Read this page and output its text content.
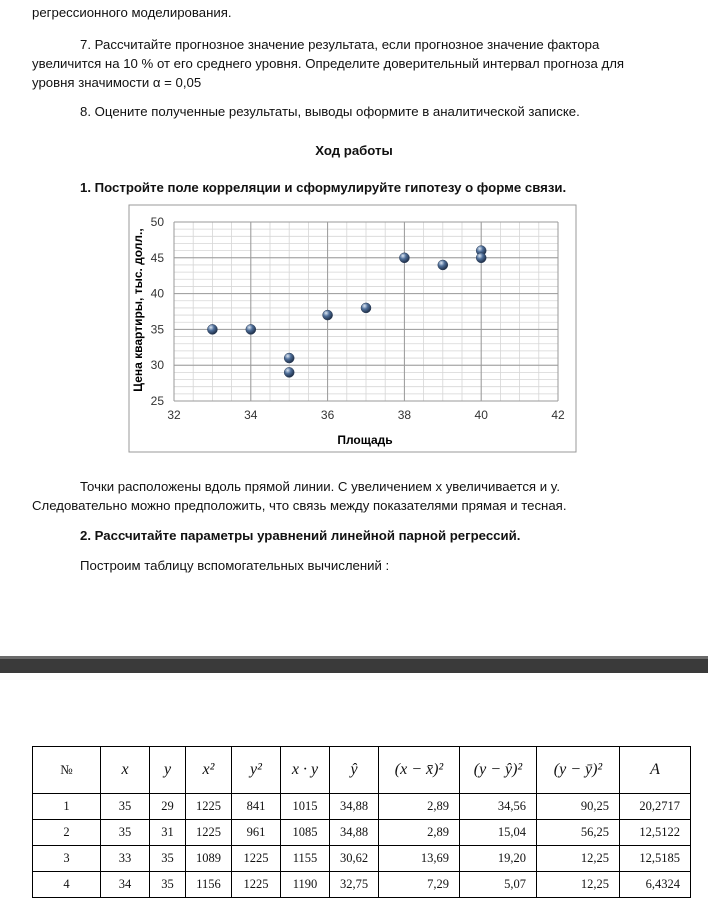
регрессионного моделирования.
7. Рассчитайте прогнозное значение результата, если прогнозное значение фактора
увеличится на 10 % от его среднего уровня. Определите доверительный интервал прогноза для
уровня значимости α = 0,05
8. Оцените полученные результаты, выводы оформите в аналитической записке.
Ход работы
1. Постройте поле корреляции и сформулируйте гипотезу о форме связи.
32	34	36	38	40	42
25
30
35
40
45
50
Площадь
Цена квартиры, тыс. долл.,
Точки расположены вдоль прямой линии. С увеличением x увеличивается и y.
Следовательно можно предположить, что связь между показателями прямая и тесная.
2. Рассчитайте параметры уравнений линейной парной регрессий.
Построим таблицу вспомогательных вычислений :
№	x	y	x²	y²	x · y	ŷ	(x − x̄)²	(y − ŷ)²	(y − ȳ)²	A
1	35	29	1225	841	1015	34,88	2,89	34,56	90,25	20,2717
2	35	31	1225	961	1085	34,88	2,89	15,04	56,25	12,5122
3	33	35	1089	1225	1155	30,62	13,69	19,20	12,25	12,5185
4	34	35	1156	1225	1190	32,75	7,29	5,07	12,25	6,4324
